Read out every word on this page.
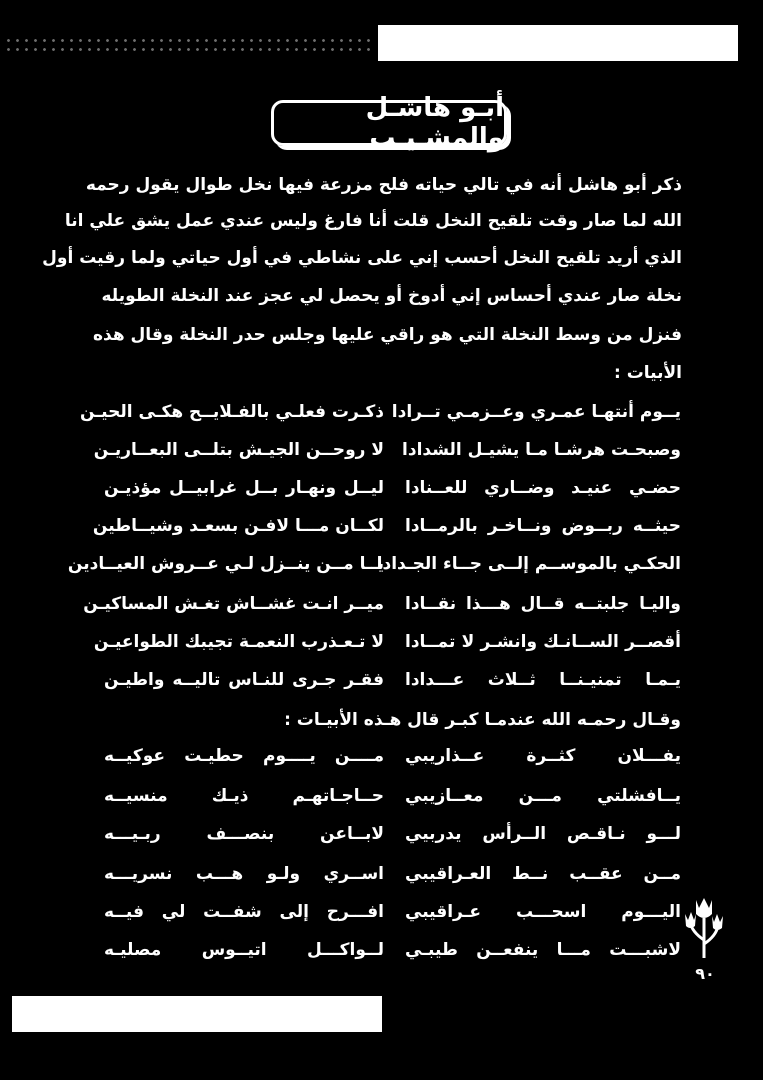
أبـو هاشـل والمشـيـب
ذكر أبو هاشل أنه في تالي حياته فلح مزرعة فيها نخل طوال يقول رحمه
الله لما صار وقت تلقيح النخل قلت أنا فارغ وليس عندي عمل يشق علي انا
الذي أريد تلقيح النخل أحسب إني على نشاطي في أول حياتي ولما رقيت أول
نخلة صار عندي أحساس إني أدوخ أو يحصل لي عجز عند النخلة الطويله
فنزل من وسط النخلة التي هو راقي عليها وجلس حدر النخلة وقال هذه
الأبيات :
يــوم أنتهـا عمـري وعــزمـي تــرادا
ذكـرت فعلـي بالفـلايــح هكـى الحيـن
وصبحـت هرشـا مـا يشيـل الشدادا
لا روحــن الجيـش بتلــى البعــاريـن
حضـي عنيـد وضــاري للعــنادا
ليــل ونهـار بــل غرابيــل مؤذيـن
حيثــه ربــوض ونــاخـر بالرمــادا
لكــان مـــا لافـن بسعـد وشيــاطين
الحكـي بالموســم إلــى جــاء الجـدادا
يــا مــن ينــزل لـي عــروش العيــادين
واليـا جلبتــه قــال هـــذا نقــادا
ميــر انـت غشــاش تغـش المساكيـن
أقصــر الســانـك وانشـر لا تمــادا
لا تـعـذرب النعمـة تجيبك الطواعيـن
يـمـا تمنيـنــا ثــلاث عـــدادا
فقـر جـرى للنـاس تاليــه واطيـن
وقـال رحمـه الله عندمـا كبـر قال هـذه الأبيـات :
يفـــلان كثــرة عــذاريبي
مــــن يــــوم حطيـت عوكيــه
يــافشلتي مـــن معــازيبي
حــاجـاتهـم ذيـك منسيــه
لـــو نـاقـص الــرأس يدربيي
لابــاعن بنصـــف ربـيـــه
مــن عقــب نــط العـراقيبي
اســري ولـو هـــب نسريـــه
اليـــوم اسحـــب عـراقيبي
افـــرح إلى شفــت لي فيــه
لاشبـــت مـــا ينفعــن طيبـي
لــواكـــل اتيــوس مصليـه
٩٠
